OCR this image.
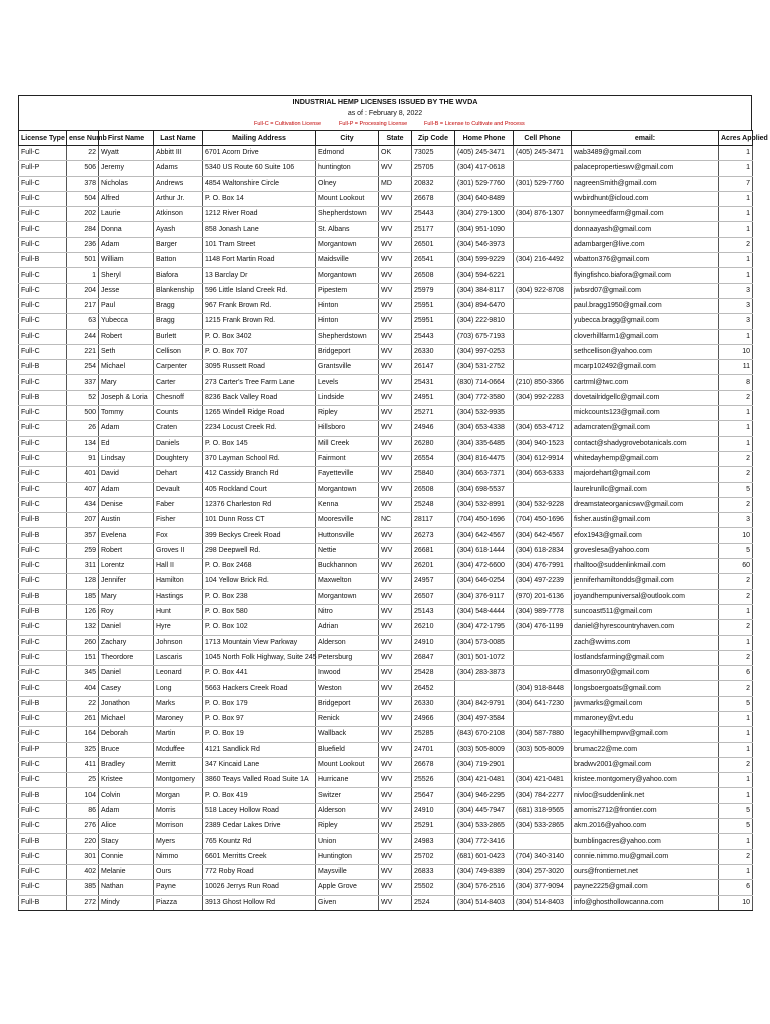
INDUSTRIAL HEMP LICENSES ISSUED BY THE WVDA
as of : February 8, 2022
Full-C = Cultivation License	Full-P = Processing License	Full-B = License to Cultivate and Process
License Type	ense Numb	First Name	Last Name	Mailing Address	City	State	Zip Code	Home Phone	Cell Phone	email:	Acres Applied
Full-C	22	Wyatt	Abbitt III	6701 Acorn Drive	Edmond	OK	73025	(405) 245-3471	(405) 245-3471	wab3489@gmail.com	1
Full-P	506	Jeremy	Adams	5340 US Route 60 Suite 106	huntington	WV	25705	(304) 417-0618		palacepropertieswv@gmail.com	1
Full-C	378	Nicholas	Andrews	4854 Waltonshire Circle	Olney	MD	20832	(301) 529-7760	(301) 529-7760	nagreenSmith@gmail.com	7
Full-C	504	Alfred	Arthur Jr.	P. O. Box 14	Mount Lookout	WV	26678	(304) 640-8489		wvbirdhunt@icloud.com	1
Full-C	202	Laurie	Atkinson	1212 River Road	Shepherdstown	WV	25443	(304) 279-1300	(304) 876-1307	bonnymeedfarm@gmail.com	1
Full-C	284	Donna	Ayash	858 Jonash Lane	St. Albans	WV	25177	(304) 951-1090		donnaayash@gmail.com	1
Full-C	236	Adam	Barger	101 Tram Street	Morgantown	WV	26501	(304) 546-3973		adambarger@live.com	2
Full-B	501	William	Batton	1148 Fort Martin Road	Maidsville	WV	26541	(304) 599-9229	(304) 216-4492	wbatton376@gmail.com	1
Full-C	1	Sheryl	Biafora	13 Barclay Dr	Morgantown	WV	26508	(304) 594-6221		flyingfishco.biafora@gmail.com	1
Full-C	204	Jesse	Blankenship	596 Little Island Creek Rd.	Pipestem	WV	25979	(304) 384-8117	(304) 922-8708	jwbsrd07@gmail.com	3
Full-C	217	Paul	Bragg	967 Frank Brown Rd.	Hinton	WV	25951	(304) 894-6470		paul.bragg1950@gmail.com	3
Full-C	63	Yubecca	Bragg	1215 Frank Brown Rd.	Hinton	WV	25951	(304) 222-9810		yubecca.bragg@gmail.com	3
Full-C	244	Robert	Burlett	P. O. Box 3402	Shepherdstown	WV	25443	(703) 675-7193		cloverhillfarm1@gmail.com	1
Full-C	221	Seth	Cellison	P. O. Box 707	Bridgeport	WV	26330	(304) 997-0253		sethcellison@yahoo.com	10
Full-B	254	Michael	Carpenter	3095 Russett Road	Grantsville	WV	26147	(304) 531-2752		mcarp102492@gmail.com	11
Full-C	337	Mary	Carter	273 Carter's Tree Farm Lane	Levels	WV	25431	(830) 714-0664	(210) 850-3366	cartrml@twc.com	8
Full-B	52	Joseph & Loria	Chesnoff	8236 Back Valley Road	Lindside	WV	24951	(304) 772-3580	(304) 992-2283	dovetailridgellc@gmail.com	2
Full-C	500	Tommy	Counts	1265 Windell Ridge Road	Ripley	WV	25271	(304) 532-9935		mickcounts123@gmail.com	1
Full-C	26	Adam	Craten	2234 Locust Creek Rd.	Hillsboro	WV	24946	(304) 653-4338	(304) 653-4712	adamcraten@gmail.com	1
Full-C	134	Ed	Daniels	P. O. Box 145	Mill Creek	WV	26280	(304) 335-6485	(304) 940-1523	contact@shadygrovebotanicals.com	1
Full-C	91	Lindsay	Doughtery	370 Layman School Rd.	Fairmont	WV	26554	(304) 816-4475	(304) 612-9914	whitedayhemp@gmail.com	2
Full-C	401	David	Dehart	412 Cassidy Branch Rd	Fayetteville	WV	25840	(304) 663-7371	(304) 663-6333	majordehart@gmail.com	2
Full-C	407	Adam	Devault	405 Rockland Court	Morgantown	WV	26508	(304) 698-5537		laurelrunllc@gmail.com	5
Full-C	434	Denise	Faber	12376 Charleston Rd	Kenna	WV	25248	(304) 532-8991	(304) 532-9228	dreamstateorganicswv@gmail.com	2
Full-B	207	Austin	Fisher	101 Dunn Ross CT	Mooresville	NC	28117	(704) 450-1696	(704) 450-1696	fisher.austin@gmail.com	3
Full-B	357	Evelena	Fox	399 Beckys Creek Road	Huttonsville	WV	26273	(304) 642-4567	(304) 642-4567	efox1943@gmail.com	10
Full-C	259	Robert	Groves II	298 Deepwell Rd.	Nettie	WV	26681	(304) 618-1444	(304) 618-2834	groveslesa@yahoo.com	5
Full-C	311	Lorentz	Hall II	P. O. Box 2468	Buckhannon	WV	26201	(304) 472-6600	(304) 476-7991	rhalltoo@suddenlinkmail.com	60
Full-C	128	Jennifer	Hamilton	104 Yellow Brick Rd.	Maxwelton	WV	24957	(304) 646-0254	(304) 497-2239	jenniferhamiltondds@gmail.com	2
Full-B	185	Mary	Hastings	P. O. Box 238	Morgantown	WV	26507	(304) 376-9117	(970) 201-6136	joyandhempuniversal@outlook.com	2
Full-B	126	Roy	Hunt	P. O. Box 580	Nitro	WV	25143	(304) 548-4444	(304) 989-7778	suncoast511@gmail.com	1
Full-C	132	Daniel	Hyre	P. O. Box 102	Adrian	WV	26210	(304) 472-1795	(304) 476-1199	daniel@hyrescountryhaven.com	2
Full-C	260	Zachary	Johnson	1713 Mountain View Parkway	Alderson	WV	24910	(304) 573-0085		zach@wvims.com	1
Full-C	151	Theordore	Lascaris	1045 North Folk Highway, Suite 245	Petersburg	WV	26847	(301) 501-1072		lostlandsfarming@gmail.com	2
Full-C	345	Daniel	Leonard	P. O. Box 441	Inwood	WV	25428	(304) 283-3873		dlmasonry0@gmail.com	6
Full-C	404	Casey	Long	5663 Hackers Creek Road	Weston	WV	26452		(304) 918-8448	longsboergoats@gmail.com	2
Full-B	22	Jonathon	Marks	P. O. Box 179	Bridgeport	WV	26330	(304) 842-9791	(304) 641-7230	jwvmarks@gmail.com	5
Full-C	261	Michael	Maroney	P. O. Box 97	Renick	WV	24966	(304) 497-3584		mmaroney@vt.edu	1
Full-C	164	Deborah	Martin	P. O. Box 19	Wallback	WV	25285	(843) 670-2108	(304) 587-7880	legacyhillhempwv@gmail.com	1
Full-P	325	Bruce	Mcduffee	4121 Sandlick Rd	Bluefield	WV	24701	(303) 505-8009	(303) 505-8009	brumac22@me.com	1
Full-C	411	Bradley	Merritt	347 Kincaid Lane	Mount Lookout	WV	26678	(304) 719-2901		bradwv2001@gmail.com	2
Full-C	25	Kristee	Montgomery	3860 Teays Valled Road Suite 1A	Hurricane	WV	25526	(304) 421-0481	(304) 421-0481	kristee.montgomery@yahoo.com	1
Full-B	104	Colvin	Morgan	P. O. Box 419	Switzer	WV	25647	(304) 946-2295	(304) 784-2277	nivloc@suddenlink.net	1
Full-C	86	Adam	Morris	518 Lacey Hollow Road	Alderson	WV	24910	(304) 445-7947	(681) 318-9565	amorris2712@frontier.com	5
Full-C	276	Alice	Morrison	2389 Cedar Lakes Drive	Ripley	WV	25291	(304) 533-2865	(304) 533-2865	akm.2016@yahoo.com	5
Full-B	220	Stacy	Myers	765 Kountz Rd	Union	WV	24983	(304) 772-3416		bumblingacres@yahoo.com	1
Full-C	301	Connie	Nimmo	6601 Merritts Creek	Huntington	WV	25702	(681) 601-0423	(704) 340-3140	connie.nimmo.mu@gmail.com	2
Full-C	402	Melanie	Ours	772 Roby Road	Maysville	WV	26833	(304) 749-8389	(304) 257-3020	ours@frontiernet.net	1
Full-C	385	Nathan	Payne	10026 Jerrys Run Road	Apple Grove	WV	25502	(304) 576-2516	(304) 377-9094	payne2225@gmail.com	6
Full-B	272	Mindy	Piazza	3913 Ghost Hollow Rd	Given	WV	2524	(304) 514-8403	(304) 514-8403	info@ghosthollowcanna.com	10
